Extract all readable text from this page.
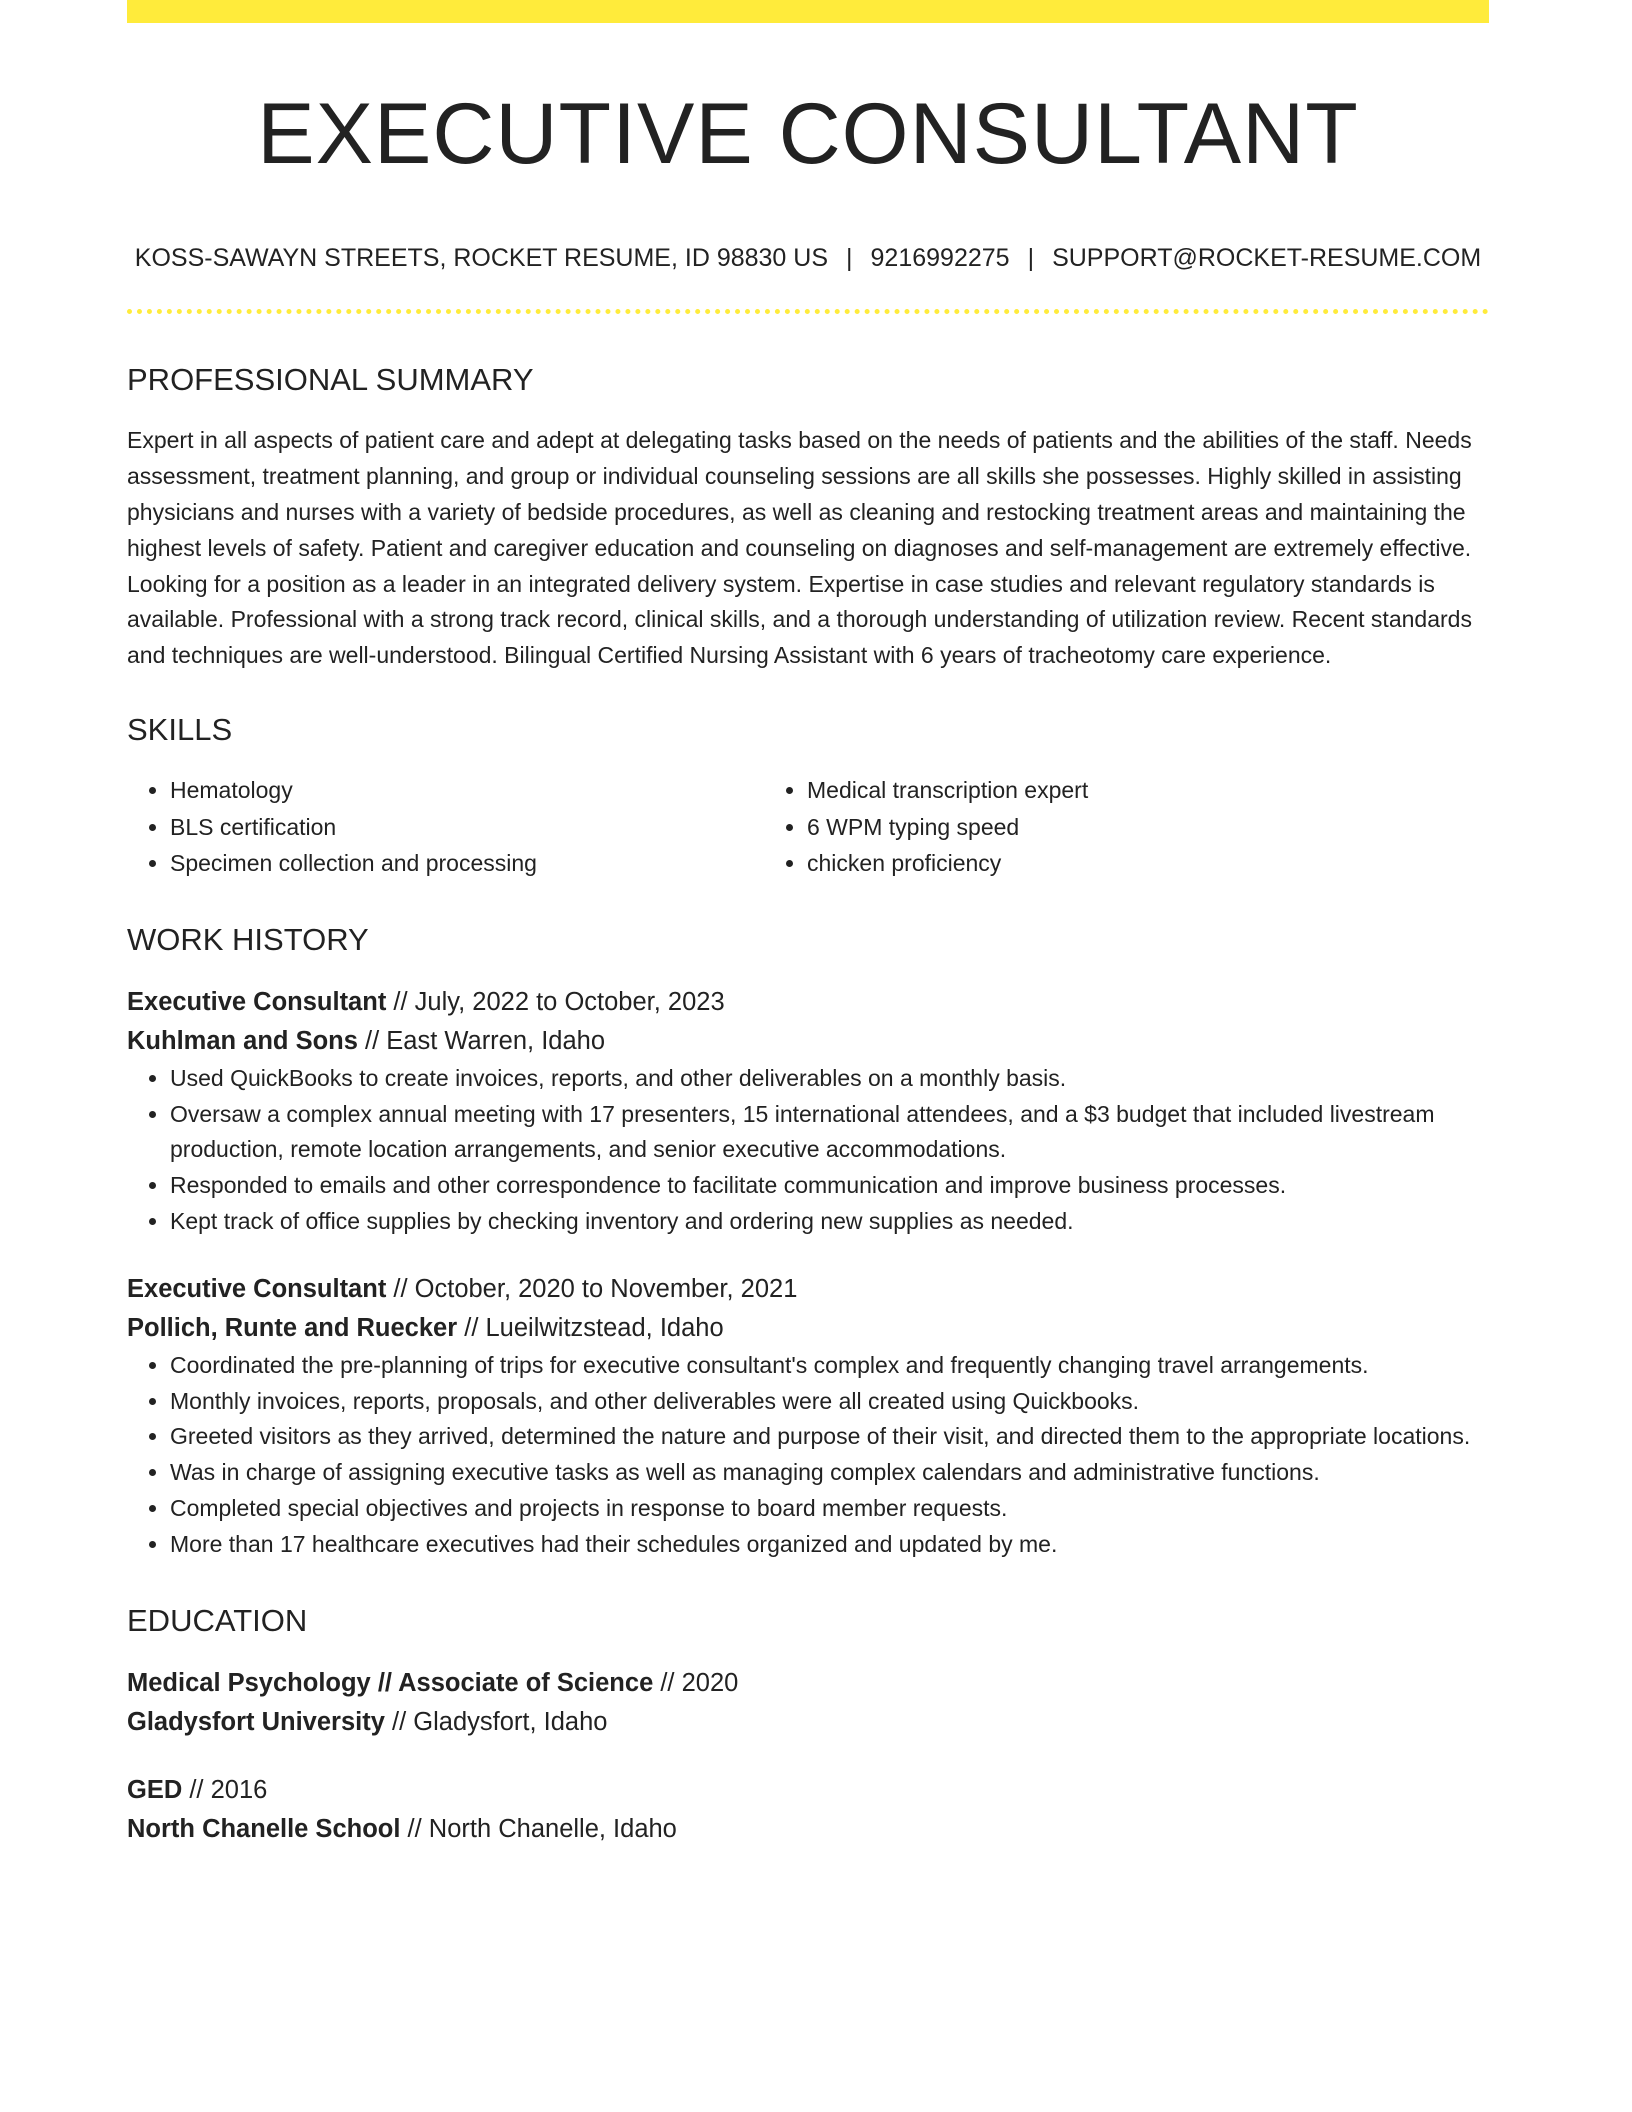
EXECUTIVE CONSULTANT
KOSS-SAWAYN STREETS, ROCKET RESUME, ID 98830 US | 9216992275 | SUPPORT@ROCKET-RESUME.COM
PROFESSIONAL SUMMARY
Expert in all aspects of patient care and adept at delegating tasks based on the needs of patients and the abilities of the staff. Needs assessment, treatment planning, and group or individual counseling sessions are all skills she possesses. Highly skilled in assisting physicians and nurses with a variety of bedside procedures, as well as cleaning and restocking treatment areas and maintaining the highest levels of safety. Patient and caregiver education and counseling on diagnoses and self-management are extremely effective. Looking for a position as a leader in an integrated delivery system. Expertise in case studies and relevant regulatory standards is available. Professional with a strong track record, clinical skills, and a thorough understanding of utilization review. Recent standards and techniques are well-understood. Bilingual Certified Nursing Assistant with 6 years of tracheotomy care experience.
SKILLS
• Hematology
• BLS certification
• Specimen collection and processing
• Medical transcription expert
• 6 WPM typing speed
• chicken proficiency
WORK HISTORY
Executive Consultant // July, 2022 to October, 2023
Kuhlman and Sons // East Warren, Idaho
• Used QuickBooks to create invoices, reports, and other deliverables on a monthly basis.
• Oversaw a complex annual meeting with 17 presenters, 15 international attendees, and a $3 budget that included livestream production, remote location arrangements, and senior executive accommodations.
• Responded to emails and other correspondence to facilitate communication and improve business processes.
• Kept track of office supplies by checking inventory and ordering new supplies as needed.
Executive Consultant // October, 2020 to November, 2021
Pollich, Runte and Ruecker // Lueilwitzstead, Idaho
• Coordinated the pre-planning of trips for executive consultant's complex and frequently changing travel arrangements.
• Monthly invoices, reports, proposals, and other deliverables were all created using Quickbooks.
• Greeted visitors as they arrived, determined the nature and purpose of their visit, and directed them to the appropriate locations.
• Was in charge of assigning executive tasks as well as managing complex calendars and administrative functions.
• Completed special objectives and projects in response to board member requests.
• More than 17 healthcare executives had their schedules organized and updated by me.
EDUCATION
Medical Psychology // Associate of Science // 2020
Gladysfort University // Gladysfort, Idaho
GED // 2016
North Chanelle School // North Chanelle, Idaho
